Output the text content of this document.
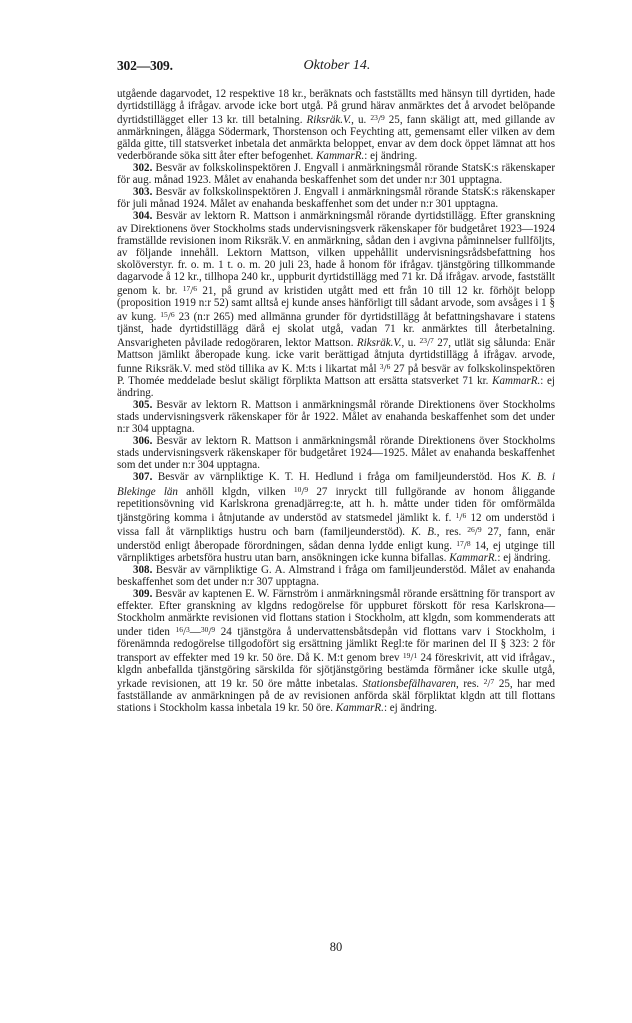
302—309.	Oktober 14.

utgående dagarvodet, 12 respektive 18 kr., beräknats och fastställts med hänsyn till dyrtiden, hade dyrtidstillägg å ifrågav. arvode icke bort utgå. På grund härav anmärktes det å arvodet belöpande dyrtidstillägget eller 13 kr. till betalning. Riksräk.V., u. $^{23}$/$^9$ 25, fann skäligt att, med gillande av anmärkningen, ålägga Södermark, Thorstenson och Feychting att, gemensamt eller vilken av dem gälda gitte, till statsverket inbetala det anmärkta beloppet, envar av dem dock öppet lämnat att hos vederbörande söka sitt åter efter befogenhet. KammarR.: ej ändring.

302. Besvär av folkskolinspektören J. Engvall i anmärkningsmål rörande StatsK:s räkenskaper för aug. månad 1923. Målet av enahanda beskaffenhet som det under n:r 301 upptagna.

303. Besvär av folkskolinspektören J. Engvall i anmärkningsmål rörande StatsK:s räkenskaper för juli månad 1924. Målet av enahanda beskaffenhet som det under n:r 301 upptagna.

304. Besvär av lektorn R. Mattson i anmärkningsmål rörande dyrtidstillägg. Efter granskning av Direktionens över Stockholms stads undervisningsverk räkenskaper för budgetåret 1923—1924 framställde revisionen inom Riksräk.V. en anmärkning, sådan den i avgivna påminnelser fullföljts, av följande innehåll. Lektorn Mattson, vilken uppehållit undervisningsrådsbefattning hos skolöverstyr. fr. o. m. 1 t. o. m. 20 juli 23, hade å honom för ifrågav. tjänstgöring tillkommande dagarvode å 12 kr., tillhopa 240 kr., uppburit dyrtidstillägg med 71 kr. Då ifrågav. arvode, fastställt genom k. br. $^{17}$/$^6$ 21, på grund av kristiden utgått med ett från 10 till 12 kr. förhöjt belopp (proposition 1919 n:r 52) samt alltså ej kunde anses hänförligt till sådant arvode, som avsåges i 1 § av kung. $^{15}$/$^6$ 23 (n:r 265) med allmänna grunder för dyrtidstillägg åt befattningshavare i statens tjänst, hade dyrtidstillägg därå ej skolat utgå, vadan 71 kr. anmärktes till återbetalning. Ansvarigheten påvilade redogöraren, lektor Mattson. Riksräk.V., u. $^{23}$/$^7$ 27, utlät sig sålunda: Enär Mattson jämlikt åberopade kung. icke varit berättigad åtnjuta dyrtidstillägg å ifrågav. arvode, funne Riksräk.V. med stöd tillika av K. M:ts i likartat mål $^3$/$^6$ 27 på besvär av folkskolinspektören P. Thomée meddelade beslut skäligt förpliktа Mattson att ersätta statsverket 71 kr. KammarR.: ej ändring.

305. Besvär av lektorn R. Mattson i anmärkningsmål rörande Direktionens över Stockholms stads undervisningsverk räkenskaper för år 1922. Målet av enahanda beskaffenhet som det under n:r 304 upptagna.

306. Besvär av lektorn R. Mattson i anmärkningsmål rörande Direktionens över Stockholms stads undervisningsverk räkenskaper för budgetåret 1924—1925. Målet av enahanda beskaffenhet som det under n:r 304 upptagna.

307. Besvär av värnpliktige K. T. H. Hedlund i fråga om familjeunderstöd. Hos K. B. i Blekinge län anhöll klgdn, vilken $^{10}$/$^9$ 27 inryckt till fullgörande av honom åliggande repetitionsövning vid Karlskrona grenadjärreg:te, att h. h. måtte under tiden för omförmälda tjänstgöring komma i åtnjutande av understöd av statsmedel jämlikt k. f. $^1$/$^6$ 12 om understöd i vissa fall åt värnpliktigs hustru och barn (familjeunderstöd). K. B., res. $^{26}$/$^9$ 27, fann, enär understöd enligt åberopade förordningen, sådan denna lydde enligt kung. $^{17}$/$^8$ 14, ej utginge till värnpliktiges arbetsföra hustru utan barn, ansökningen icke kunna bifallas. KammarR.: ej ändring.

308. Besvär av värnpliktige G. A. Almstrand i fråga om familjeunderstöd. Målet av enahanda beskaffenhet som det under n:r 307 upptagna.

309. Besvär av kaptenen E. W. Färnström i anmärkningsmål rörande ersättning för transport av effekter. Efter granskning av klgdns redogörelse för uppburet förskott för resa Karlskrona—Stockholm anmärkte revisionen vid flottans station i Stockholm, att klgdn, som kommenderats att under tiden $^{16}$/$^3$—$^{30}$/$^9$ 24 tjänstgöra å undervattensbåtsdepån vid flottans varv i Stockholm, i förenämnda redogörelse tillgodofört sig ersättning jämlikt Regl:te för marinen del II § 323: 2 för transport av effekter med 19 kr. 50 öre. Då K. M:t genom brev $^{19}$/$^1$ 24 föreskrivit, att vid ifrågav., klgdn anbefallda tjänstgöring särskilda för sjötjänstgöring bestämda förmåner icke skulle utgå, yrkade revisionen, att 19 kr. 50 öre måtte inbetalas. Stationsbefälhavaren, res. $^2$/$^7$ 25, har med fastställande av anmärkningen på de av revisionen anförda skäl förpliktat klgdn att till flottans stations i Stockholm kassa inbetala 19 kr. 50 öre. KammarR.: ej ändring.

80
